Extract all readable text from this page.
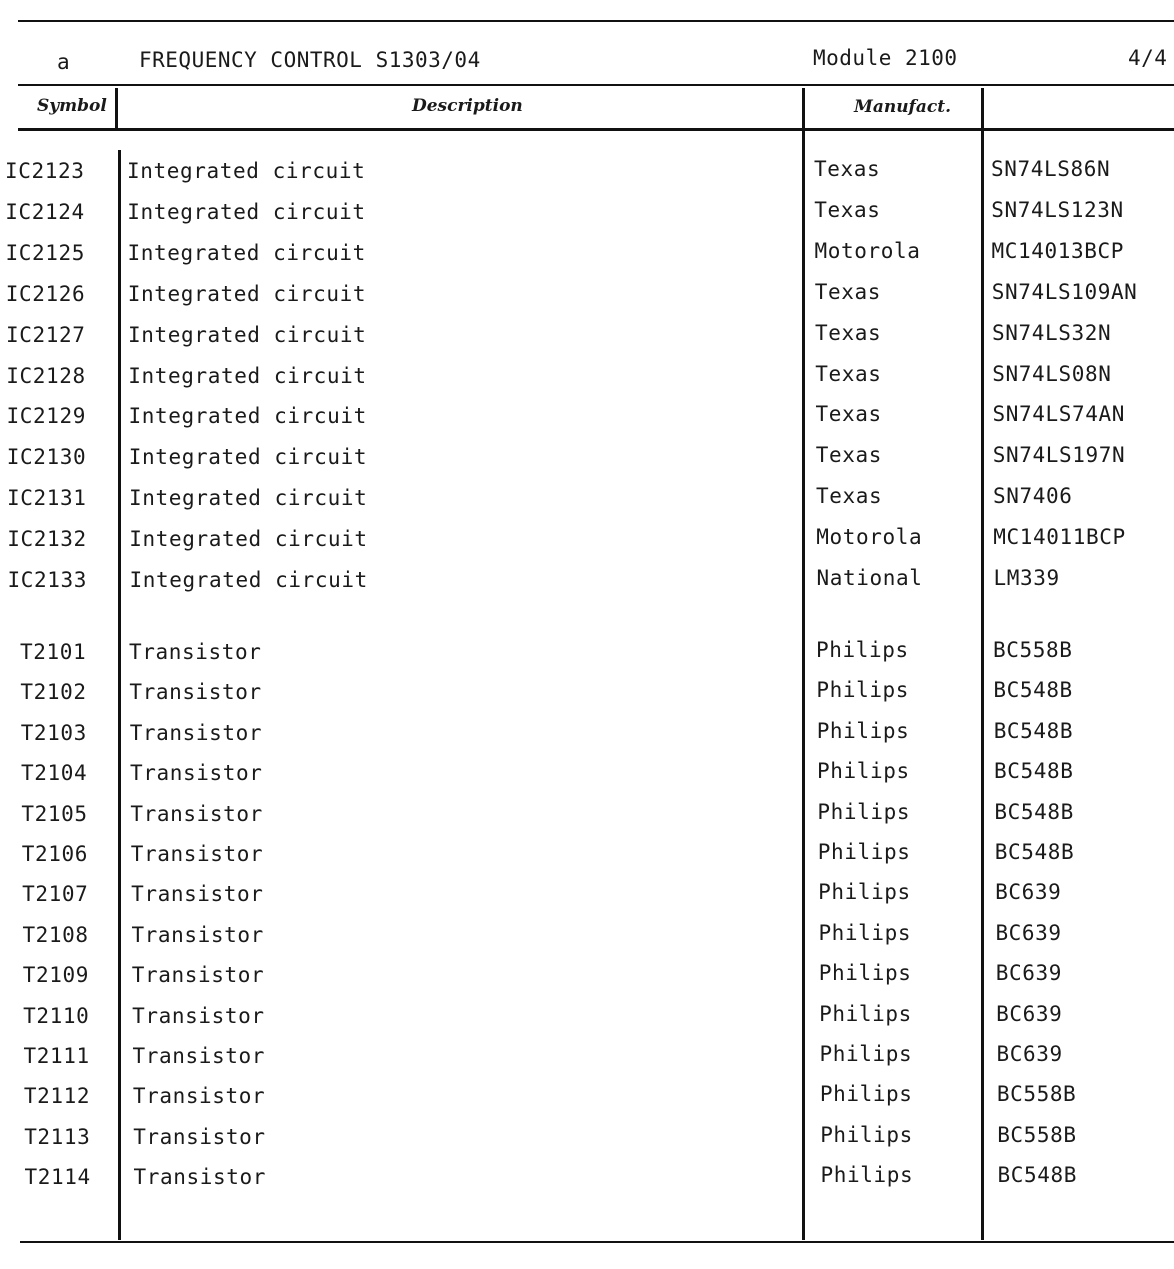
a	FREQUENCY CONTROL S1303/04	Module 2100	4/4
Symbol	Description	Manufact.
IC2123 Integrated circuit	Texas	SN74LS86N
IC2124 Integrated circuit	Texas	SN74LS123N
IC2125 Integrated circuit	Motorola	MC14013BCP
IC2126 Integrated circuit	Texas	SN74LS109AN
IC2127 Integrated circuit	Texas	SN74LS32N
IC2128 Integrated circuit	Texas	SN74LS08N
IC2129 Integrated circuit	Texas	SN74LS74AN
IC2130 Integrated circuit	Texas	SN74LS197N
IC2131 Integrated circuit	Texas	SN7406
IC2132 Integrated circuit	Motorola	MC14011BCP
IC2133 Integrated circuit	National	LM339
T2101 Transistor	Philips	BC558B
T2102 Transistor	Philips	BC548B
T2103 Transistor	Philips	BC548B
T2104 Transistor	Philips	BC548B
T2105 Transistor	Philips	BC548B
T2106 Transistor	Philips	BC548B
T2107 Transistor	Philips	BC639
T2108 Transistor	Philips	BC639
T2109 Transistor	Philips	BC639
T2110 Transistor	Philips	BC639
T2111 Transistor	Philips	BC639
T2112 Transistor	Philips	BC558B
T2113 Transistor	Philips	BC558B
T2114 Transistor	Philips	BC548B
